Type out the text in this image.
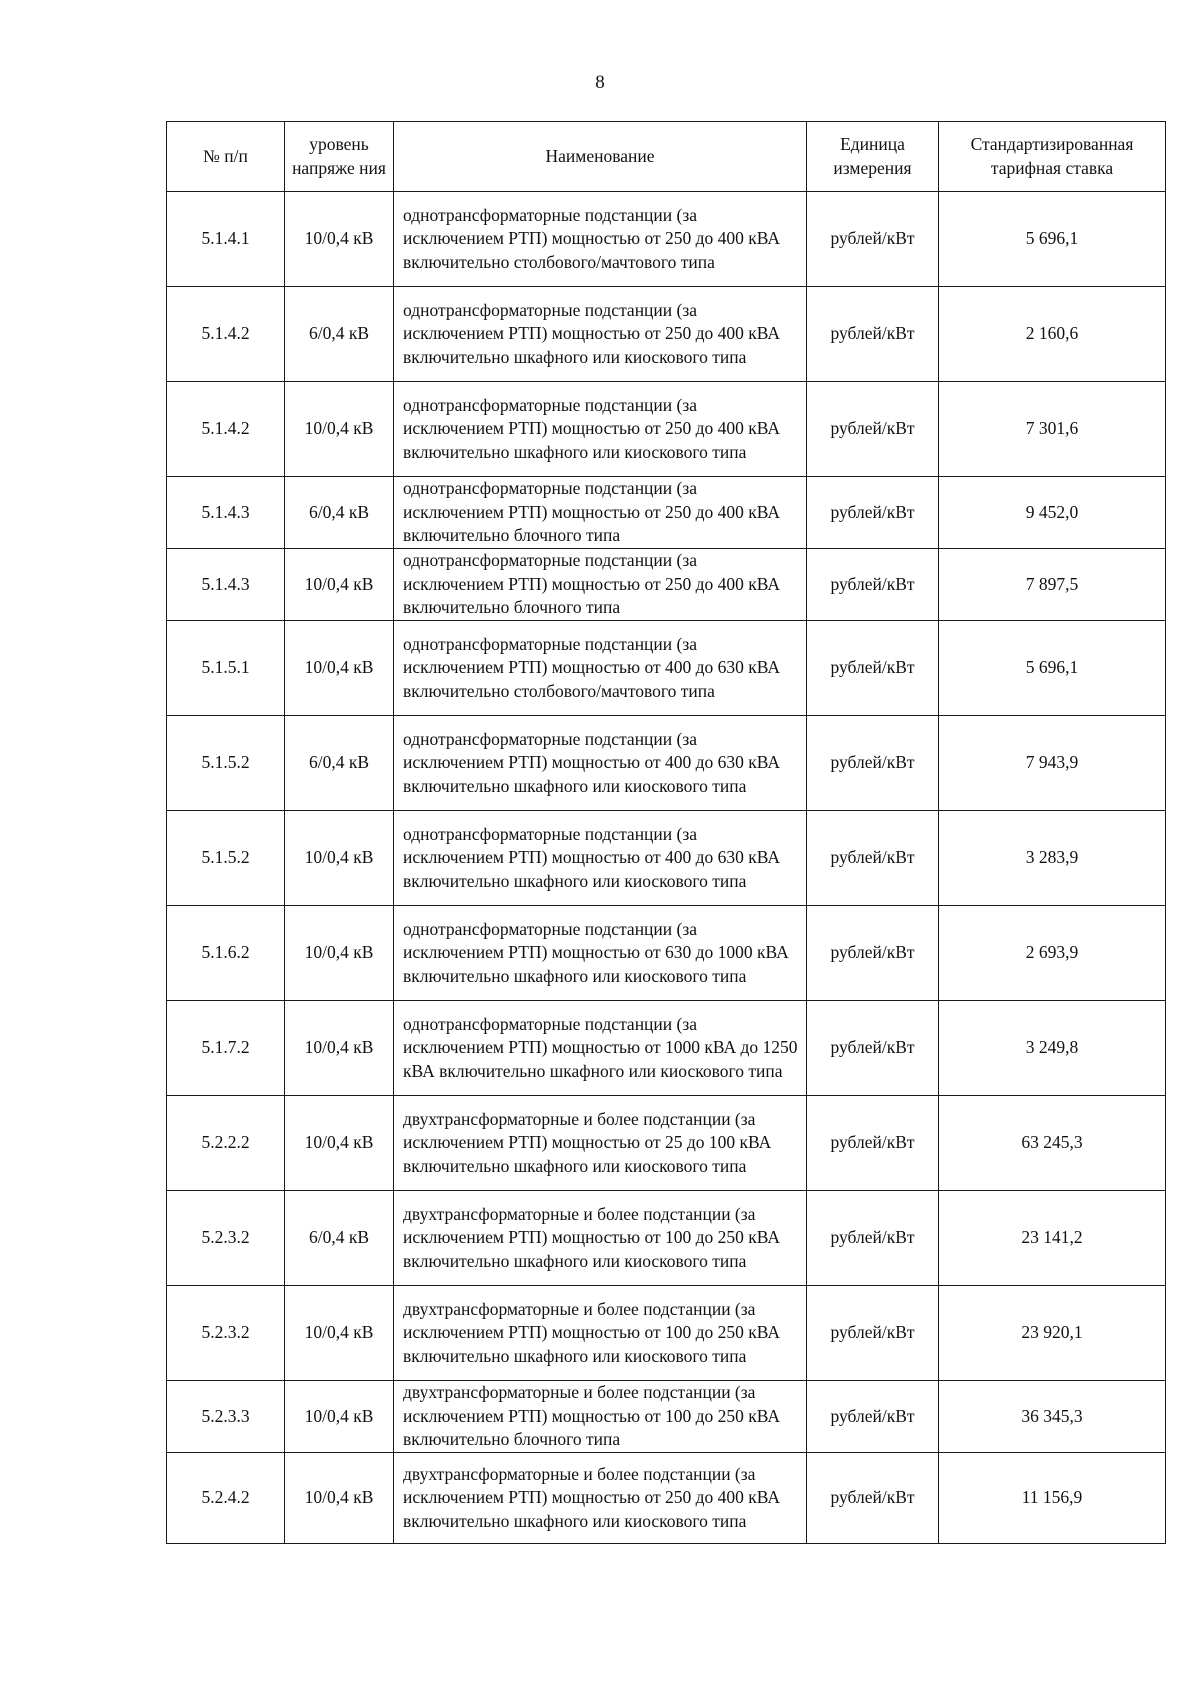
8
№ п/п	уровень напряже ния	Наименование	Единица измерения	Стандартизированная тарифная ставка
5.1.4.1	10/0,4 кВ	однотрансформаторные подстанции (за исключением РТП) мощностью от 250 до 400 кВА включительно столбового/мачтового типа	рублей/кВт	5 696,1
5.1.4.2	6/0,4 кВ	однотрансформаторные подстанции (за исключением РТП) мощностью от 250 до 400 кВА включительно шкафного или киоскового типа	рублей/кВт	2 160,6
5.1.4.2	10/0,4 кВ	однотрансформаторные подстанции (за исключением РТП) мощностью от 250 до 400 кВА включительно шкафного или киоскового типа	рублей/кВт	7 301,6
5.1.4.3	6/0,4 кВ	однотрансформаторные подстанции (за исключением РТП) мощностью от 250 до 400 кВА включительно блочного типа	рублей/кВт	9 452,0
5.1.4.3	10/0,4 кВ	однотрансформаторные подстанции (за исключением РТП) мощностью от 250 до 400 кВА включительно блочного типа	рублей/кВт	7 897,5
5.1.5.1	10/0,4 кВ	однотрансформаторные подстанции (за исключением РТП) мощностью от 400 до 630 кВА включительно столбового/мачтового типа	рублей/кВт	5 696,1
5.1.5.2	6/0,4 кВ	однотрансформаторные подстанции (за исключением РТП) мощностью от 400 до 630 кВА включительно шкафного или киоскового типа	рублей/кВт	7 943,9
5.1.5.2	10/0,4 кВ	однотрансформаторные подстанции (за исключением РТП) мощностью от 400 до 630 кВА включительно шкафного или киоскового типа	рублей/кВт	3 283,9
5.1.6.2	10/0,4 кВ	однотрансформаторные подстанции (за исключением РТП) мощностью от 630 до 1000 кВА включительно шкафного или киоскового типа	рублей/кВт	2 693,9
5.1.7.2	10/0,4 кВ	однотрансформаторные подстанции (за исключением РТП) мощностью от 1000 кВА до 1250 кВА включительно шкафного или киоскового типа	рублей/кВт	3 249,8
5.2.2.2	10/0,4 кВ	двухтрансформаторные и более подстанции (за исключением РТП) мощностью от 25 до 100 кВА включительно шкафного или киоскового типа	рублей/кВт	63 245,3
5.2.3.2	6/0,4 кВ	двухтрансформаторные и более подстанции (за исключением РТП) мощностью от 100 до 250 кВА включительно шкафного или киоскового типа	рублей/кВт	23 141,2
5.2.3.2	10/0,4 кВ	двухтрансформаторные и более подстанции (за исключением РТП) мощностью от 100 до 250 кВА включительно шкафного или киоскового типа	рублей/кВт	23 920,1
5.2.3.3	10/0,4 кВ	двухтрансформаторные и более подстанции (за исключением РТП) мощностью от 100 до 250 кВА включительно блочного типа	рублей/кВт	36 345,3
5.2.4.2	10/0,4 кВ	двухтрансформаторные и более подстанции (за исключением РТП) мощностью от 250 до 400 кВА включительно шкафного или киоскового типа	рублей/кВт	11 156,9
